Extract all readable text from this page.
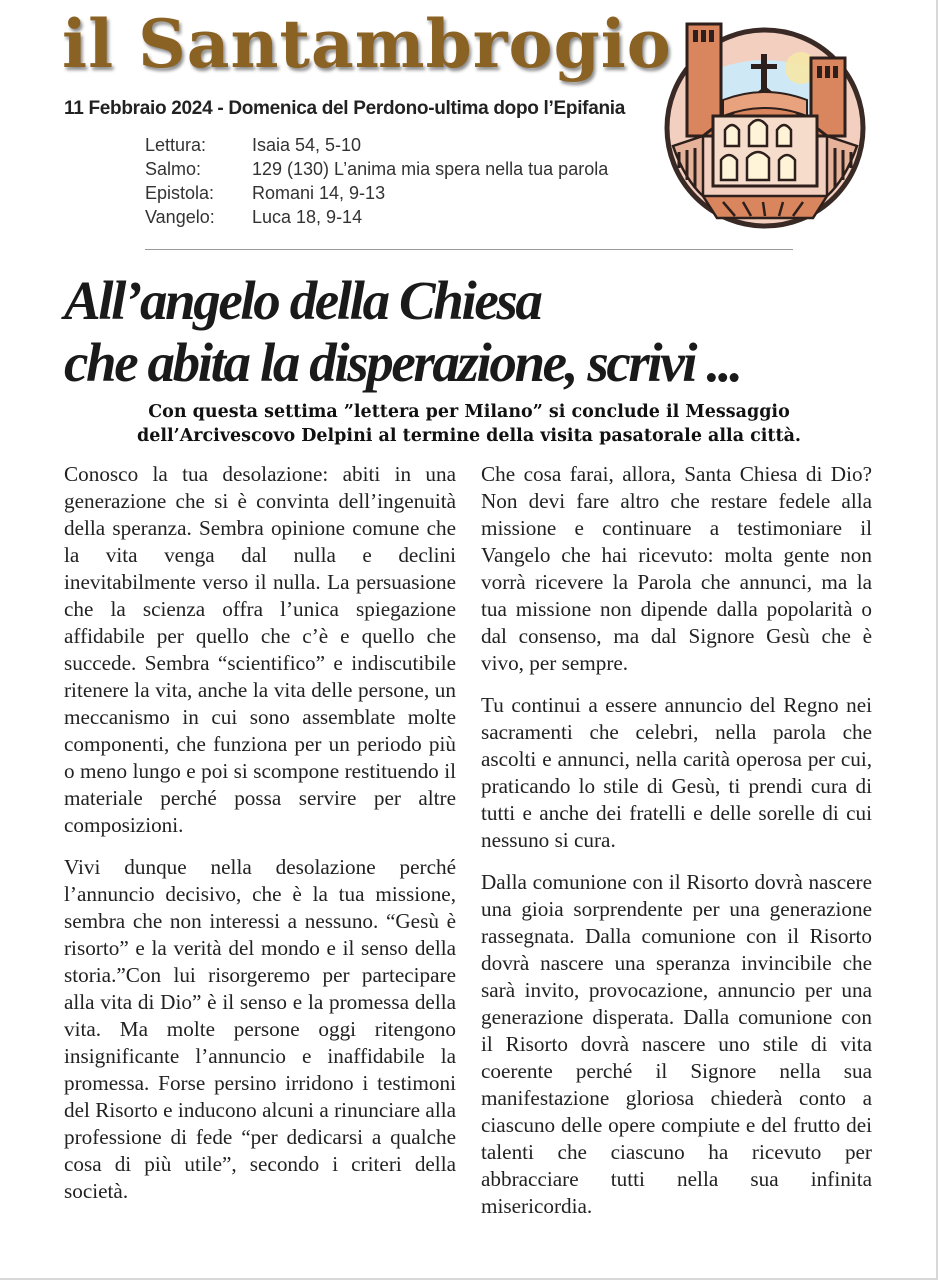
il Santambrogio
11 Febbraio 2024 - Domenica del Perdono-ultima dopo l’Epifania
Lettura:	Isaia 54, 5-10
Salmo:	129 (130) L’anima mia spera nella tua parola
Epistola:	Romani 14, 9-13
Vangelo:	Luca 18, 9-14
All’angelo della Chiesa
che abita la disperazione, scrivi ...
Con questa settima ”lettera per Milano” si conclude il Messaggio
dell’Arcivescovo Delpini al termine della visita pasatorale alla città.

Conosco la tua desolazione: abiti in una generazione che si è convinta dell’ingenuità della speranza. Sembra opinione comune che la vita venga dal nulla e declini inevitabilmente verso il nulla. La persuasione che la scienza offra l’unica spiegazione affidabile per quello che c’è e quello che succede. Sembra “scientifico” e indiscutibile ritenere la vita, anche la vita delle persone, un meccanismo in cui sono assemblate molte componenti, che funziona per un periodo più o meno lungo e poi si scompone restituendo il materiale perché possa servire per altre composizioni.

Vivi dunque nella desolazione perché l’annuncio decisivo, che è la tua missione, sembra che non interessi a nessuno. “Gesù è risorto” e la verità del mondo e il senso della storia.”Con lui risorgeremo per partecipare alla vita di Dio” è il senso e la promessa della vita. Ma molte persone oggi ritengono insignificante l’annuncio e inaffidabile la promessa. Forse persino irridono i testimoni del Risorto e inducono alcuni a rinunciare alla professione di fede “per dedicarsi a qualche cosa di più utile”, secondo i criteri della società.

Che cosa farai, allora, Santa Chiesa di Dio? Non devi fare altro che restare fedele alla missione e continuare a testimoniare il Vangelo che hai ricevuto: molta gente non vorrà ricevere la Parola che annunci, ma la tua missione non dipende dalla popolarità o dal consenso, ma dal Signore Gesù che è vivo, per sempre.

Tu continui a essere annuncio del Regno nei sacramenti che celebri, nella parola che ascolti e annunci, nella carità operosa per cui, praticando lo stile di Gesù, ti prendi cura di tutti e anche dei fratelli e delle sorelle di cui nessuno si cura.

Dalla comunione con il Risorto dovrà nascere una gioia sorprendente per una generazione rassegnata. Dalla comunione con il Risorto dovrà nascere una speranza invincibile che sarà invito, provocazione, annuncio per una generazione disperata. Dalla comunione con il Risorto dovrà nascere uno stile di vita coerente perché il Signore nella sua manifestazione gloriosa chiederà conto a ciascuno delle opere compiute e del frutto dei talenti che ciascuno ha ricevuto per abbracciare tutti nella sua infinita misericordia.
